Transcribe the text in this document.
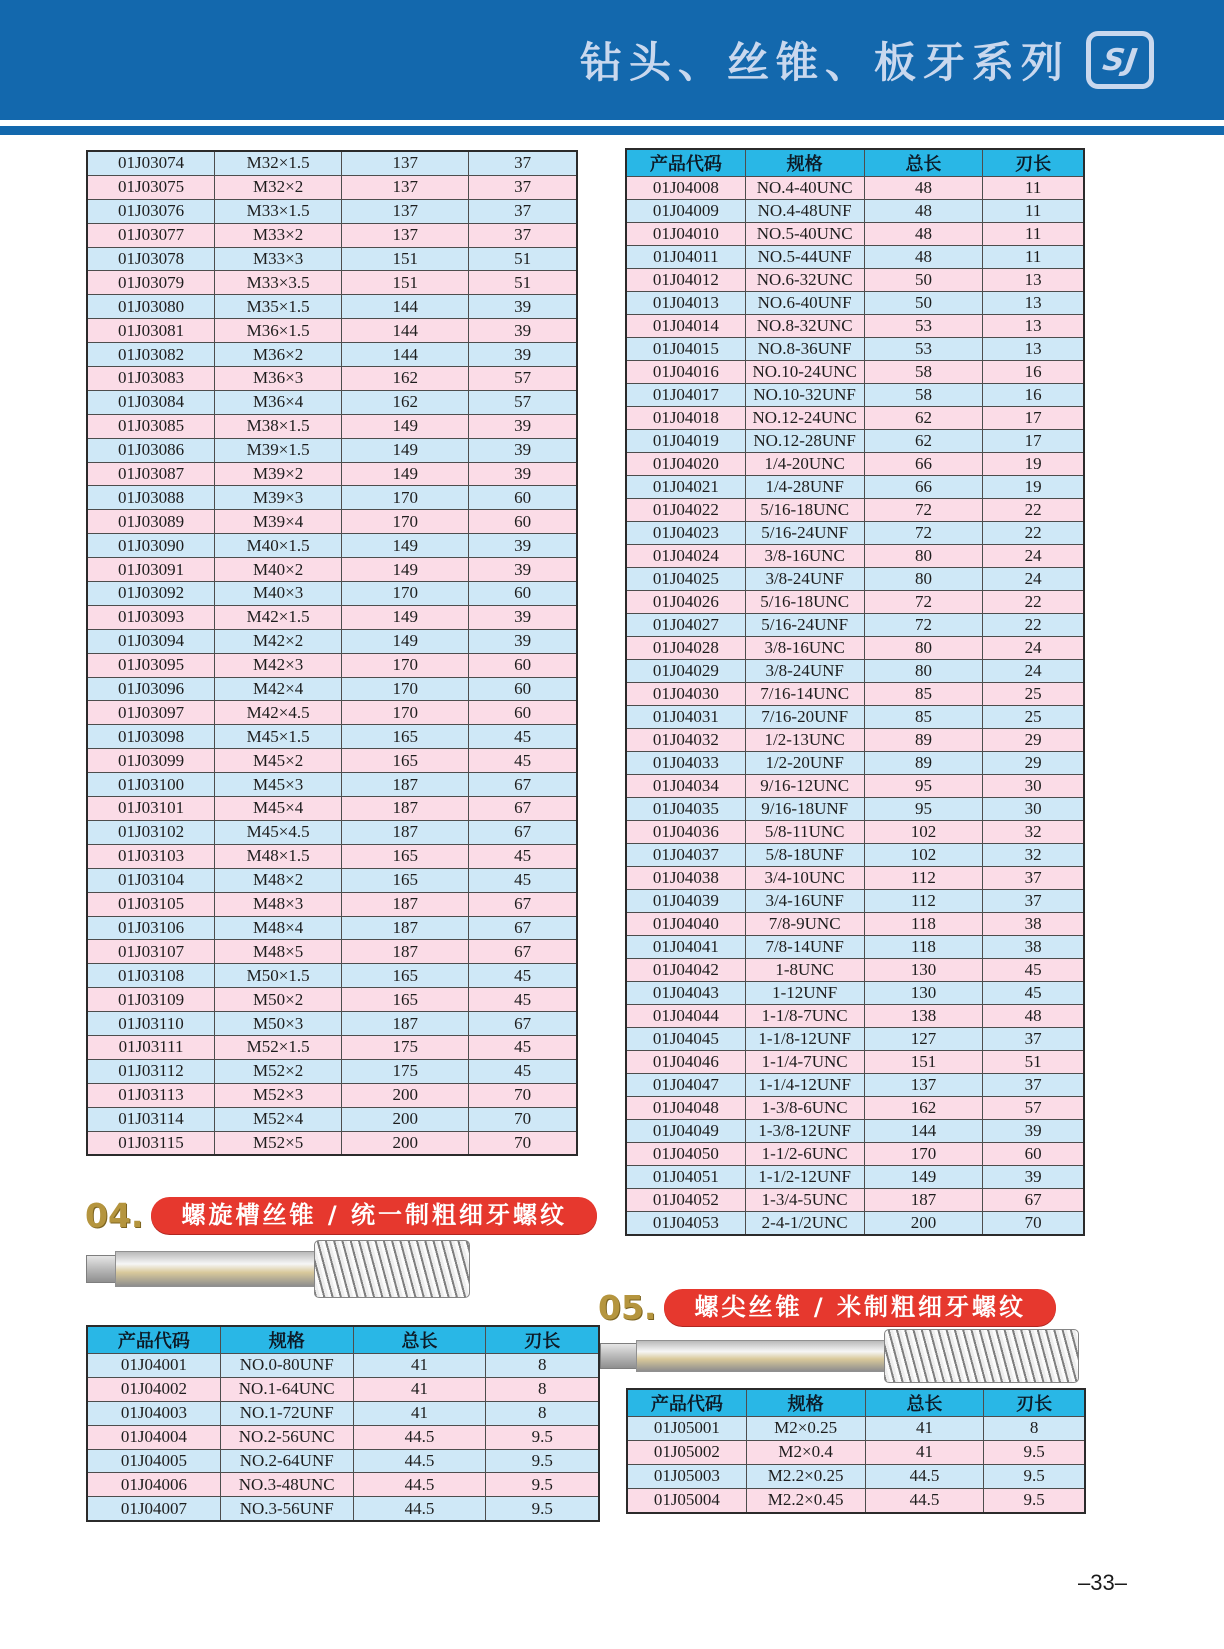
钻头、丝锥、板牙系列 SJ
01J03074	M32×1.5	137	37
01J03075	M32×2	137	37
01J03076	M33×1.5	137	37
01J03077	M33×2	137	37
01J03078	M33×3	151	51
01J03079	M33×3.5	151	51
01J03080	M35×1.5	144	39
01J03081	M36×1.5	144	39
01J03082	M36×2	144	39
01J03083	M36×3	162	57
01J03084	M36×4	162	57
01J03085	M38×1.5	149	39
01J03086	M39×1.5	149	39
01J03087	M39×2	149	39
01J03088	M39×3	170	60
01J03089	M39×4	170	60
01J03090	M40×1.5	149	39
01J03091	M40×2	149	39
01J03092	M40×3	170	60
01J03093	M42×1.5	149	39
01J03094	M42×2	149	39
01J03095	M42×3	170	60
01J03096	M42×4	170	60
01J03097	M42×4.5	170	60
01J03098	M45×1.5	165	45
01J03099	M45×2	165	45
01J03100	M45×3	187	67
01J03101	M45×4	187	67
01J03102	M45×4.5	187	67
01J03103	M48×1.5	165	45
01J03104	M48×2	165	45
01J03105	M48×3	187	67
01J03106	M48×4	187	67
01J03107	M48×5	187	67
01J03108	M50×1.5	165	45
01J03109	M50×2	165	45
01J03110	M50×3	187	67
01J03111	M52×1.5	175	45
01J03112	M52×2	175	45
01J03113	M52×3	200	70
01J03114	M52×4	200	70
01J03115	M52×5	200	70
产品代码	规格	总长	刃长
01J04008	NO.4-40UNC	48	11
01J04009	NO.4-48UNF	48	11
01J04010	NO.5-40UNC	48	11
01J04011	NO.5-44UNF	48	11
01J04012	NO.6-32UNC	50	13
01J04013	NO.6-40UNF	50	13
01J04014	NO.8-32UNC	53	13
01J04015	NO.8-36UNF	53	13
01J04016	NO.10-24UNC	58	16
01J04017	NO.10-32UNF	58	16
01J04018	NO.12-24UNC	62	17
01J04019	NO.12-28UNF	62	17
01J04020	1/4-20UNC	66	19
01J04021	1/4-28UNF	66	19
01J04022	5/16-18UNC	72	22
01J04023	5/16-24UNF	72	22
01J04024	3/8-16UNC	80	24
01J04025	3/8-24UNF	80	24
01J04026	5/16-18UNC	72	22
01J04027	5/16-24UNF	72	22
01J04028	3/8-16UNC	80	24
01J04029	3/8-24UNF	80	24
01J04030	7/16-14UNC	85	25
01J04031	7/16-20UNF	85	25
01J04032	1/2-13UNC	89	29
01J04033	1/2-20UNF	89	29
01J04034	9/16-12UNC	95	30
01J04035	9/16-18UNF	95	30
01J04036	5/8-11UNC	102	32
01J04037	5/8-18UNF	102	32
01J04038	3/4-10UNC	112	37
01J04039	3/4-16UNF	112	37
01J04040	7/8-9UNC	118	38
01J04041	7/8-14UNF	118	38
01J04042	1-8UNC	130	45
01J04043	1-12UNF	130	45
01J04044	1-1/8-7UNC	138	48
01J04045	1-1/8-12UNF	127	37
01J04046	1-1/4-7UNC	151	51
01J04047	1-1/4-12UNF	137	37
01J04048	1-3/8-6UNC	162	57
01J04049	1-3/8-12UNF	144	39
01J04050	1-1/2-6UNC	170	60
01J04051	1-1/2-12UNF	149	39
01J04052	1-3/4-5UNC	187	67
01J04053	2-4-1/2UNC	200	70
04.	螺旋槽丝锥 / 统一制粗细牙螺纹
产品代码	规格	总长	刃长
01J04001	NO.0-80UNF	41	8
01J04002	NO.1-64UNC	41	8
01J04003	NO.1-72UNF	41	8
01J04004	NO.2-56UNC	44.5	9.5
01J04005	NO.2-64UNF	44.5	9.5
01J04006	NO.3-48UNC	44.5	9.5
01J04007	NO.3-56UNF	44.5	9.5
05.	螺尖丝锥 / 米制粗细牙螺纹
产品代码	规格	总长	刃长
01J05001	M2×0.25	41	8
01J05002	M2×0.4	41	9.5
01J05003	M2.2×0.25	44.5	9.5
01J05004	M2.2×0.45	44.5	9.5
–33–
